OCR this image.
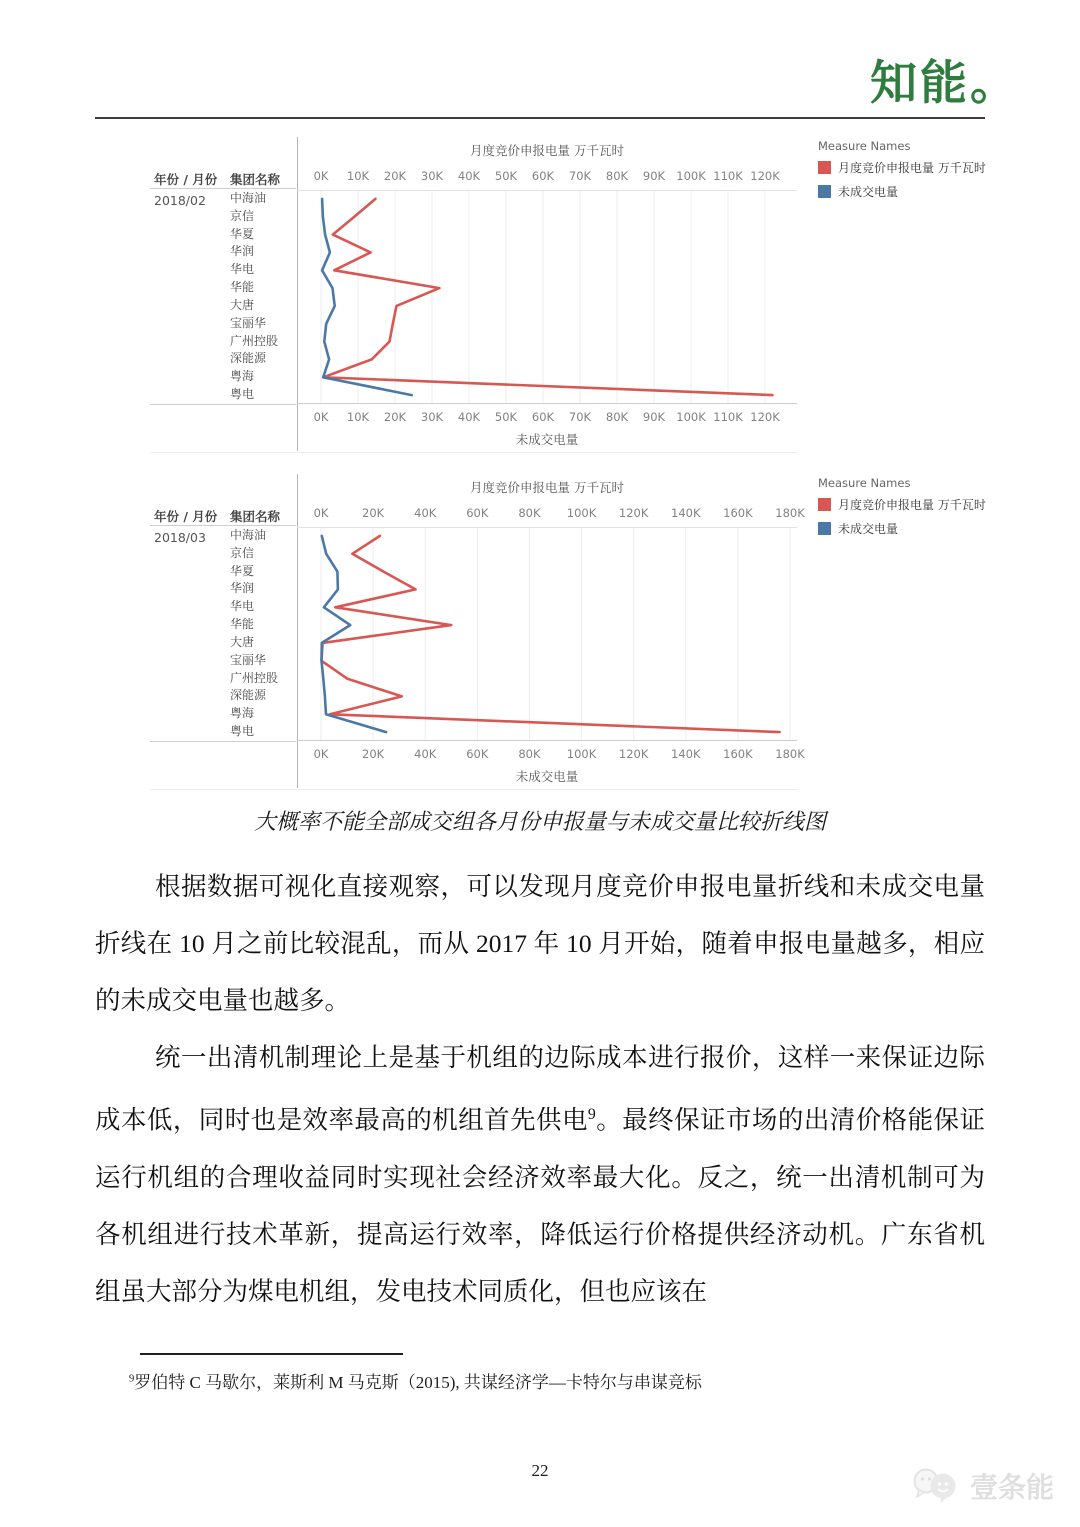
知能。
月度竞价申报电量 万千瓦时
年份 / 月份 集团名称
2018/02 中海油
京信
华夏
华润
华电
华能
大唐
宝丽华
广州控股
深能源
粤海
粤电
0K 10K 20K 30K 40K 50K 60K 70K 80K 90K 100K 110K 120K
0K 10K 20K 30K 40K 50K 60K 70K 80K 90K 100K 110K 120K
未成交电量
Measure Names
月度竞价申报电量 万千瓦时
未成交电量
月度竞价申报电量 万千瓦时
年份 / 月份 集团名称
2018/03 中海油
京信
华夏
华润
华电
华能
大唐
宝丽华
广州控股
深能源
粤海
粤电
0K	20K	40K	60K	80K 100K 120K 140K 160K 180K
0K	20K	40K	60K	80K 100K 120K 140K 160K 180K
未成交电量
Measure Names
月度竞价申报电量 万千瓦时
未成交电量
大概率不能全部成交组各月份申报量与未成交量比较折线图

根据数据可视化直接观察，可以发现月度竞价申报电量折线和未成交电量折线在 10 月之前比较混乱，而从 2017 年 10 月开始，随着申报电量越多，相应的未成交电量也越多。

统一出清机制理论上是基于机组的边际成本进行报价，这样一来保证边际成本低，同时也是效率最高的机组首先供电$^9$。最终保证市场的出清价格能保证运行机组的合理收益同时实现社会经济效率最大化。反之，统一出清机制可为各机组进行技术革新，提高运行效率，降低运行价格提供经济动机。广东省机组虽大部分为煤电机组，发电技术同质化，但也应该在

$^9$罗伯特 C 马歇尔，莱斯利 M 马克斯（2015), 共谋经济学—卡特尔与串谋竞标
22
壹条能
